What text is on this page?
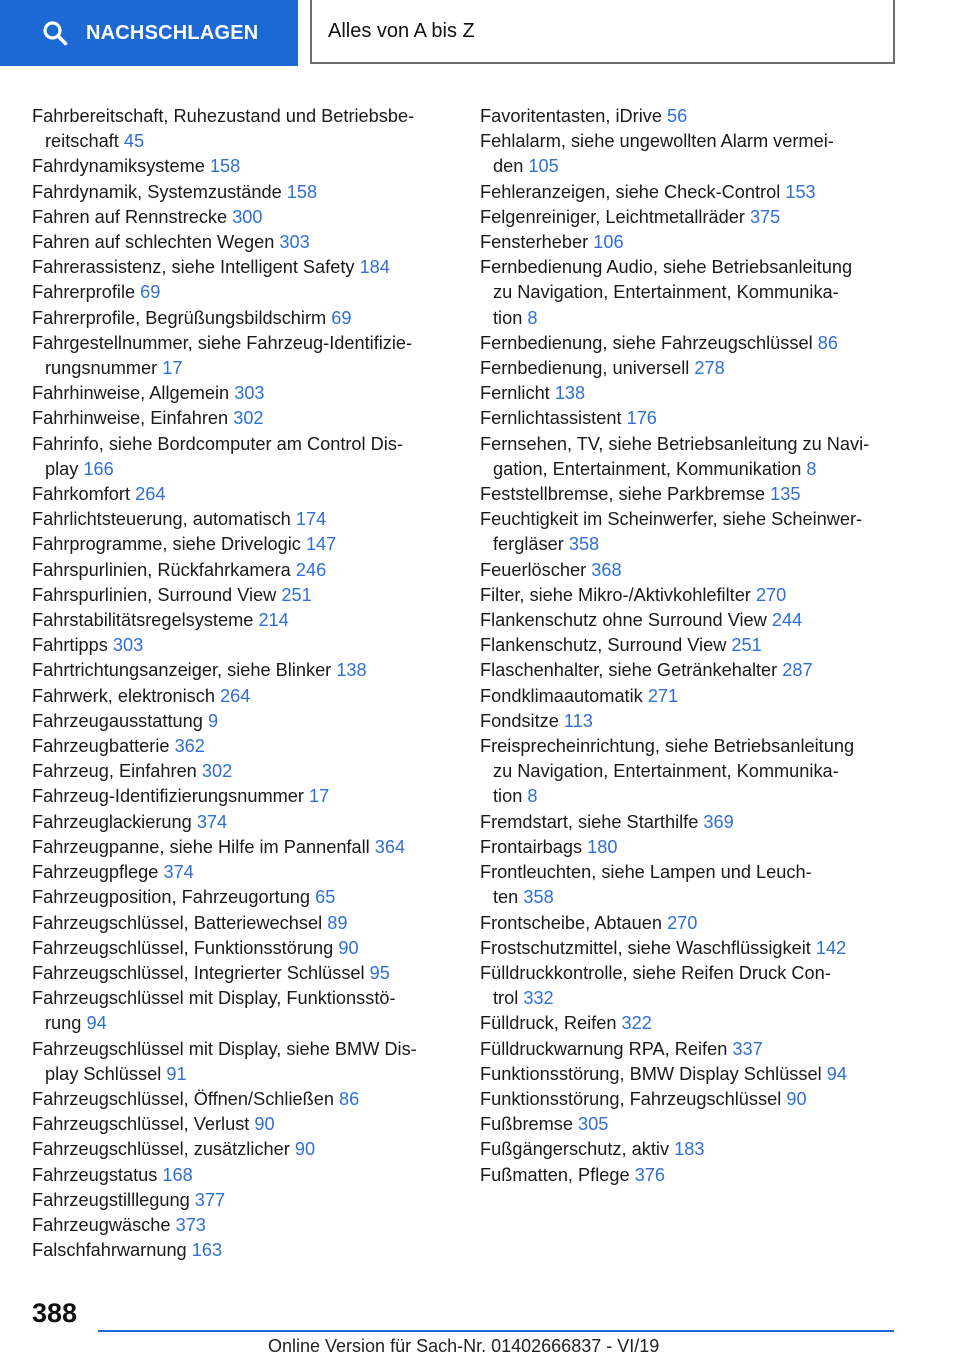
NACHSCHLAGEN	Alles von A bis Z
Fahrbereitschaft, Ruhezustand und Betriebsbe-
reitschaft 45
Fahrdynamiksysteme 158
Fahrdynamik, Systemzustände 158
Fahren auf Rennstrecke 300
Fahren auf schlechten Wegen 303
Fahrerassistenz, siehe Intelligent Safety 184
Fahrerprofile 69
Fahrerprofile, Begrüßungsbildschirm 69
Fahrgestellnummer, siehe Fahrzeug-Identifizie-
rungsnummer 17
Fahrhinweise, Allgemein 303
Fahrhinweise, Einfahren 302
Fahrinfo, siehe Bordcomputer am Control Dis-
play 166
Fahrkomfort 264
Fahrlichtsteuerung, automatisch 174
Fahrprogramme, siehe Drivelogic 147
Fahrspurlinien, Rückfahrkamera 246
Fahrspurlinien, Surround View 251
Fahrstabilitätsregelsysteme 214
Fahrtipps 303
Fahrtrichtungsanzeiger, siehe Blinker 138
Fahrwerk, elektronisch 264
Fahrzeugausstattung 9
Fahrzeugbatterie 362
Fahrzeug, Einfahren 302
Fahrzeug-Identifizierungsnummer 17
Fahrzeuglackierung 374
Fahrzeugpanne, siehe Hilfe im Pannenfall 364
Fahrzeugpflege 374
Fahrzeugposition, Fahrzeugortung 65
Fahrzeugschlüssel, Batteriewechsel 89
Fahrzeugschlüssel, Funktionsstörung 90
Fahrzeugschlüssel, Integrierter Schlüssel 95
Fahrzeugschlüssel mit Display, Funktionsstö-
rung 94
Fahrzeugschlüssel mit Display, siehe BMW Dis-
play Schlüssel 91
Fahrzeugschlüssel, Öffnen/Schließen 86
Fahrzeugschlüssel, Verlust 90
Fahrzeugschlüssel, zusätzlicher 90
Fahrzeugstatus 168
Fahrzeugstilllegung 377
Fahrzeugwäsche 373
Falschfahrwarnung 163
Favoritentasten, iDrive 56
Fehlalarm, siehe ungewollten Alarm vermei-
den 105
Fehleranzeigen, siehe Check-Control 153
Felgenreiniger, Leichtmetallräder 375
Fensterheber 106
Fernbedienung Audio, siehe Betriebsanleitung
zu Navigation, Entertainment, Kommunika-
tion 8
Fernbedienung, siehe Fahrzeugschlüssel 86
Fernbedienung, universell 278
Fernlicht 138
Fernlichtassistent 176
Fernsehen, TV, siehe Betriebsanleitung zu Navi-
gation, Entertainment, Kommunikation 8
Feststellbremse, siehe Parkbremse 135
Feuchtigkeit im Scheinwerfer, siehe Scheinwer-
fergläser 358
Feuerlöscher 368
Filter, siehe Mikro-/Aktivkohlefilter 270
Flankenschutz ohne Surround View 244
Flankenschutz, Surround View 251
Flaschenhalter, siehe Getränkehalter 287
Fondklimaautomatik 271
Fondsitze 113
Freisprecheinrichtung, siehe Betriebsanleitung
zu Navigation, Entertainment, Kommunika-
tion 8
Fremdstart, siehe Starthilfe 369
Frontairbags 180
Frontleuchten, siehe Lampen und Leuch-
ten 358
Frontscheibe, Abtauen 270
Frostschutzmittel, siehe Waschflüssigkeit 142
Fülldruckkontrolle, siehe Reifen Druck Con-
trol 332
Fülldruck, Reifen 322
Fülldruckwarnung RPA, Reifen 337
Funktionsstörung, BMW Display Schlüssel 94
Funktionsstörung, Fahrzeugschlüssel 90
Fußbremse 305
Fußgängerschutz, aktiv 183
Fußmatten, Pflege 376
388
Online Version für Sach-Nr. 01402666837 - VI/19
